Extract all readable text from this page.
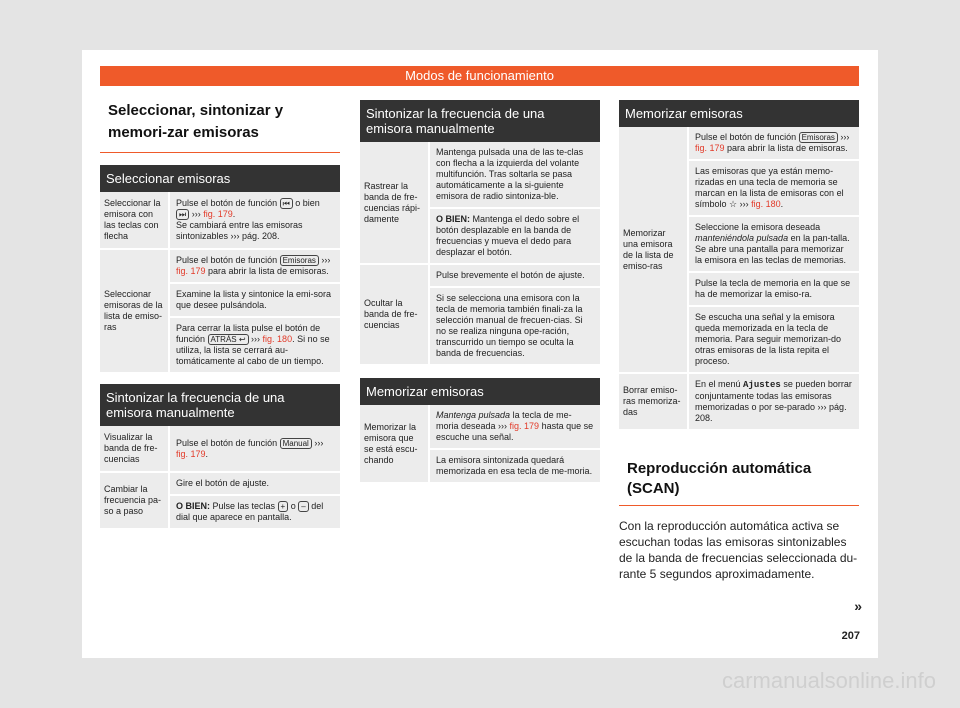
Modos de funcionamiento
Seleccionar, sintonizar y memori-zar emisoras
Seleccionar emisoras	
Seleccionar la emisora con las teclas con flecha	Pulse el botón de función ⏮ o bien ⏭ ››› fig. 179.
Se cambiará entre las emisoras sintonizables ››› pág. 208.
Seleccionar emisoras de la lista de emiso-ras	Pulse el botón de función Emisoras ››› fig. 179 para abrir la lista de emisoras.
	Examine la lista y sintonice la emi-sora que desee pulsándola.
	Para cerrar la lista pulse el botón de función ATRÁS ↩ ››› fig. 180. Si no se utiliza, la lista se cerrará au-tomáticamente al cabo de un tiempo.
Sintonizar la frecuencia de una emisora manualmente	
Visualizar la banda de fre-cuencias	Pulse el botón de función Manual ››› fig. 179.
Cambiar la frecuencia pa-so a paso	Gire el botón de ajuste.
	O BIEN: Pulse las teclas + o – del dial que aparece en pantalla.
Sintonizar la frecuencia de una emisora manualmente	
Rastrear la banda de fre-cuencias rápi-damente	Mantenga pulsada una de las te-clas con flecha a la izquierda del volante multifunción. Tras soltarla se pasa automáticamente a la si-guiente emisora de radio sintoniza-ble.
	O BIEN: Mantenga el dedo sobre el botón desplazable en la banda de frecuencias y mueva el dedo para desplazar el botón.
Ocultar la banda de fre-cuencias	Pulse brevemente el botón de ajuste.
	Si se selecciona una emisora con la tecla de memoria también finali-za la selección manual de frecuen-cias. Si no se realiza ninguna ope-ración, transcurrido un tiempo se oculta la banda de frecuencias.
Memorizar emisoras
Memorizar la emisora que se está escu-chando	Mantenga pulsada la tecla de me-moria deseada ››› fig. 179 hasta que se escuche una señal.
La emisora sintonizada quedará memorizada en esa tecla de me-moria.
Memorizar emisoras	
Memorizar una emisora de la lista de emiso-ras	Pulse el botón de función Emisoras ››› fig. 179 para abrir la lista de emisoras.
	Las emisoras que ya están memo-rizadas en una tecla de memoria se marcan en la lista de emisoras con el símbolo ☆ ››› fig. 180.
	Seleccione la emisora deseada manteniéndola pulsada en la pan-talla. Se abre una pantalla para memorizar la emisora en las teclas de memorias.
	Pulse la tecla de memoria en la que se ha de memorizar la emiso-ra.
	Se escucha una señal y la emisora queda memorizada en la tecla de memoria. Para seguir memorizan-do otras emisoras de la lista repita el proceso.
Borrar emiso-ras memoriza-das	En el menú Ajustes se pueden borrar conjuntamente todas las emisoras memorizadas o por se-parado ››› pág. 208.
Reproducción automática (SCAN)
Con la reproducción automática activa se escuchan todas las emisoras sintonizables de la banda de frecuencias seleccionada du-rante 5 segundos aproximadamente.
»
207
carmanualsonline.info
